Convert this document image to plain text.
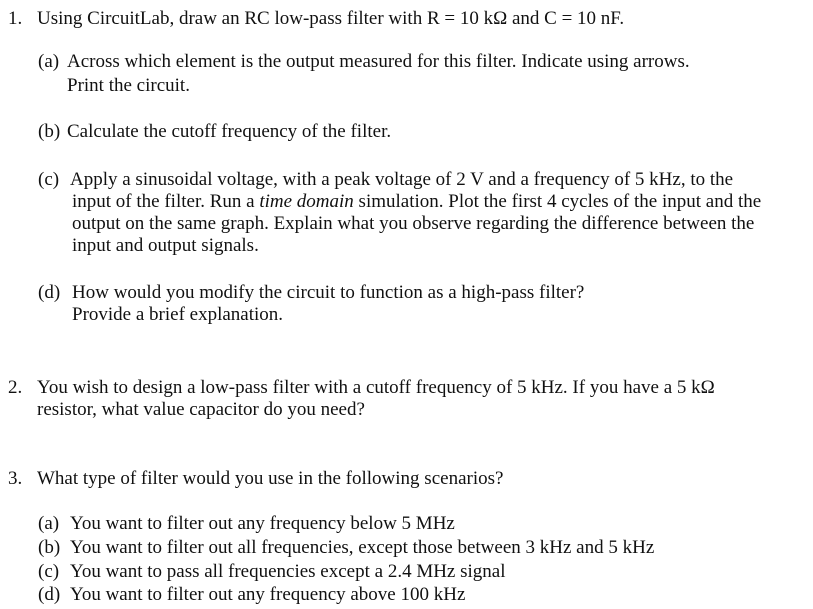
1. Using CircuitLab, draw an RC low-pass filter with R = 10 kΩ and C = 10 nF.
(a) Across which element is the output measured for this filter. Indicate using arrows.
Print the circuit.
(b) Calculate the cutoff frequency of the filter.
(c) Apply a sinusoidal voltage, with a peak voltage of 2 V and a frequency of 5 kHz, to the
input of the filter. Run a time domain simulation. Plot the first 4 cycles of the input and the
output on the same graph. Explain what you observe regarding the difference between the
input and output signals.
(d) How would you modify the circuit to function as a high-pass filter?
Provide a brief explanation.
2. You wish to design a low-pass filter with a cutoff frequency of 5 kHz. If you have a 5 kΩ
resistor, what value capacitor do you need?
3. What type of filter would you use in the following scenarios?
(a) You want to filter out any frequency below 5 MHz
(b) You want to filter out all frequencies, except those between 3 kHz and 5 kHz
(c) You want to pass all frequencies except a 2.4 MHz signal
(d) You want to filter out any frequency above 100 kHz
